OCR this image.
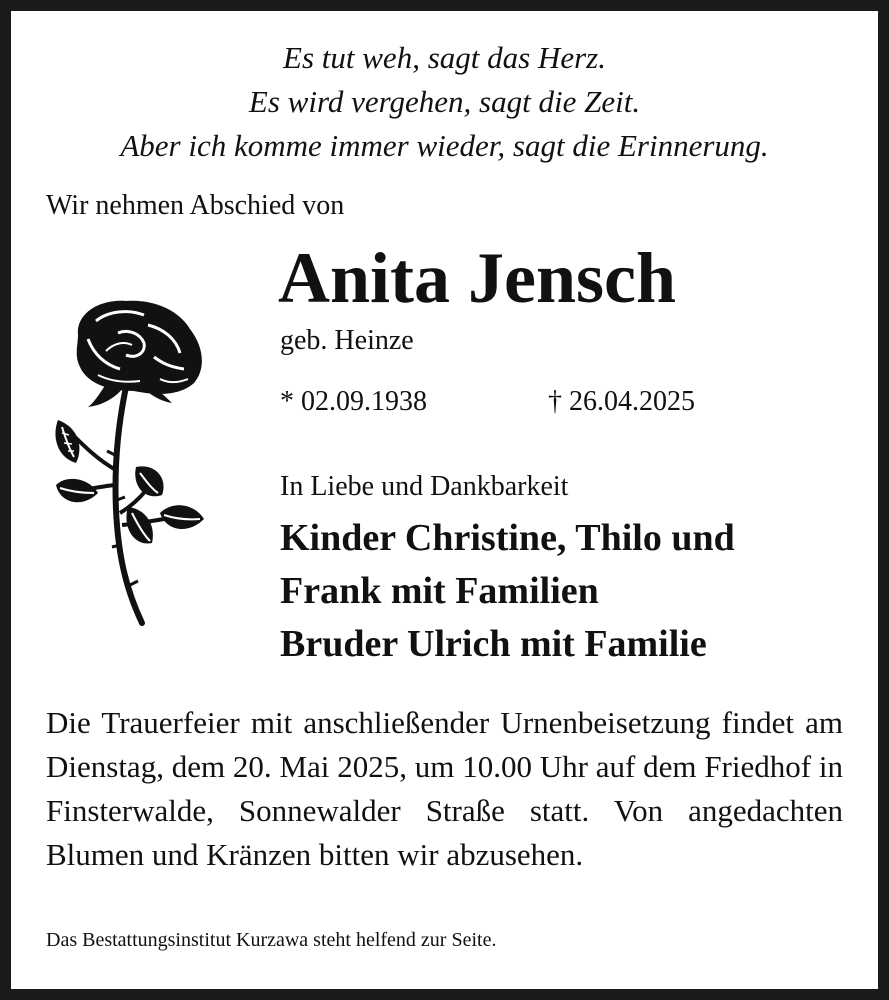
Es tut weh, sagt das Herz.
Es wird vergehen, sagt die Zeit.
Aber ich komme immer wieder, sagt die Erinnerung.
Wir nehmen Abschied von
Anita Jensch
geb. Heinze
* 02.09.1938	† 26.04.2025
In Liebe und Dankbarkeit
Kinder Christine, Thilo und
Frank mit Familien
Bruder Ulrich mit Familie
Die Trauerfeier mit anschließender Urnenbeisetzung findet am Dienstag, dem 20. Mai 2025, um 10.00 Uhr auf dem Friedhof in Finsterwalde, Sonnewalder Straße statt. Von angedachten Blumen und Kränzen bitten wir abzusehen.
Das Bestattungsinstitut Kurzawa steht helfend zur Seite.
